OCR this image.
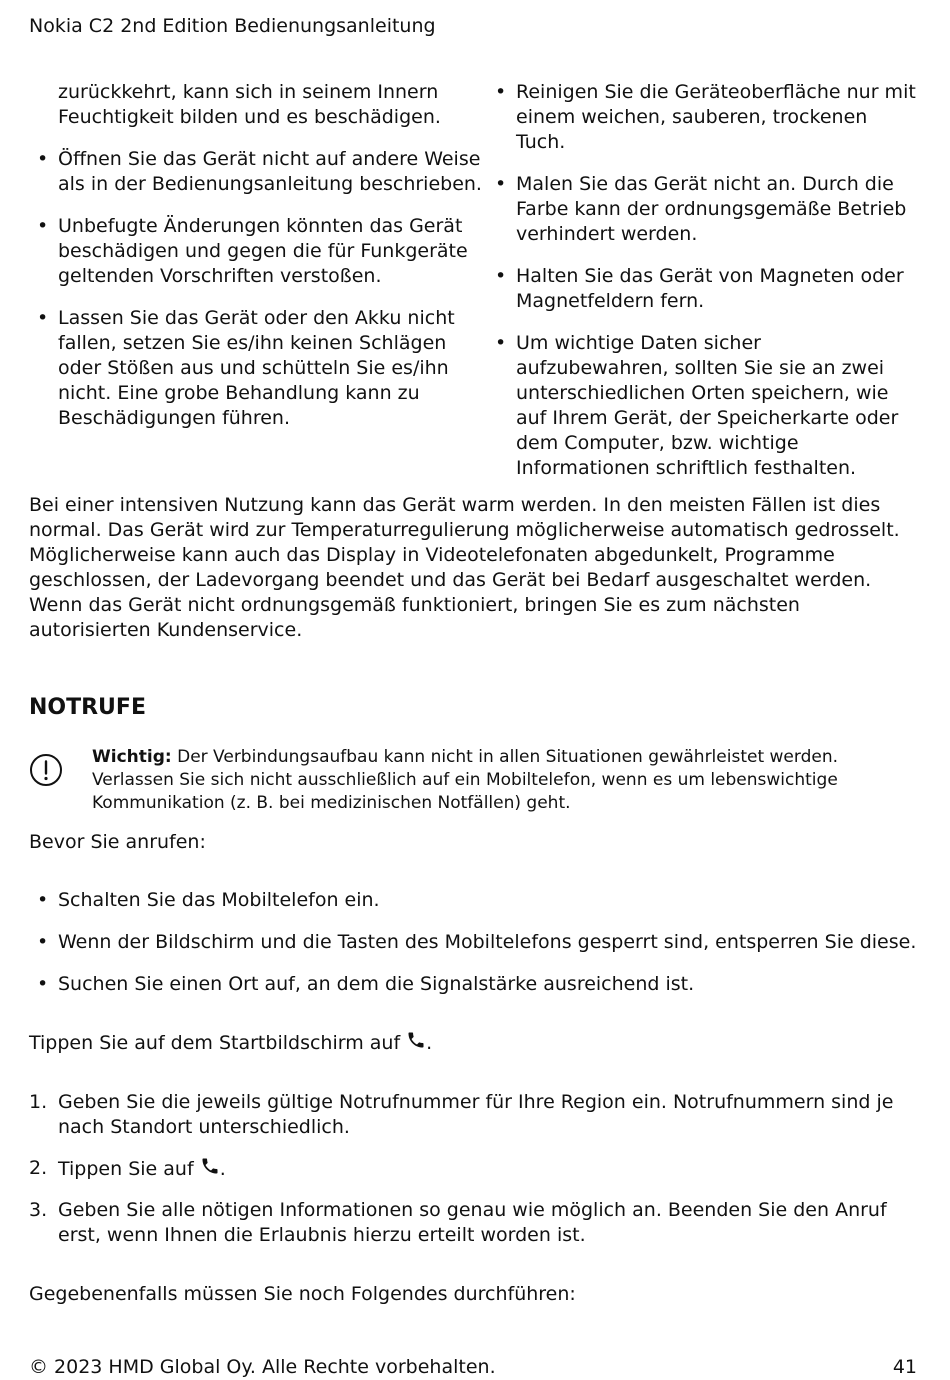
Nokia C2 2nd Edition Bedienungsanleitung
zurückkehrt, kann sich in seinem Innern Feuchtigkeit bilden und es beschädigen.
• Öffnen Sie das Gerät nicht auf andere Weise als in der Bedienungsanleitung beschrieben.
• Unbefugte Änderungen könnten das Gerät beschädigen und gegen die für Funkgeräte geltenden Vorschriften verstoßen.
• Lassen Sie das Gerät oder den Akku nicht fallen, setzen Sie es/ihn keinen Schlägen oder Stößen aus und schütteln Sie es/ihn nicht. Eine grobe Behandlung kann zu Beschädigungen führen.
• Reinigen Sie die Geräteoberfläche nur mit einem weichen, sauberen, trockenen Tuch.
• Malen Sie das Gerät nicht an. Durch die Farbe kann der ordnungsgemäße Betrieb verhindert werden.
• Halten Sie das Gerät von Magneten oder Magnetfeldern fern.
• Um wichtige Daten sicher aufzubewahren, sollten Sie sie an zwei unterschiedlichen Orten speichern, wie auf Ihrem Gerät, der Speicherkarte oder dem Computer, bzw. wichtige Informationen schriftlich festhalten.

Bei einer intensiven Nutzung kann das Gerät warm werden. In den meisten Fällen ist dies normal. Das Gerät wird zur Temperaturregulierung möglicherweise automatisch gedrosselt. Möglicherweise kann auch das Display in Videotelefonaten abgedunkelt, Programme geschlossen, der Ladevorgang beendet und das Gerät bei Bedarf ausgeschaltet werden. Wenn das Gerät nicht ordnungsgemäß funktioniert, bringen Sie es zum nächsten autorisierten Kundenservice.

NOTRUFE
Wichtig: Der Verbindungsaufbau kann nicht in allen Situationen gewährleistet werden. Verlassen Sie sich nicht ausschließlich auf ein Mobiltelefon, wenn es um lebenswichtige Kommunikation (z. B. bei medizinischen Notfällen) geht.

Bevor Sie anrufen:

• Schalten Sie das Mobiltelefon ein.
• Wenn der Bildschirm und die Tasten des Mobiltelefons gesperrt sind, entsperren Sie diese.
• Suchen Sie einen Ort auf, an dem die Signalstärke ausreichend ist.

Tippen Sie auf dem Startbildschirm auf .

1. Geben Sie die jeweils gültige Notrufnummer für Ihre Region ein. Notrufnummern sind je nach Standort unterschiedlich.
2. Tippen Sie auf .
3. Geben Sie alle nötigen Informationen so genau wie möglich an. Beenden Sie den Anruf erst, wenn Ihnen die Erlaubnis hierzu erteilt worden ist.

Gegebenenfalls müssen Sie noch Folgendes durchführen:

© 2023 HMD Global Oy. Alle Rechte vorbehalten.	41
